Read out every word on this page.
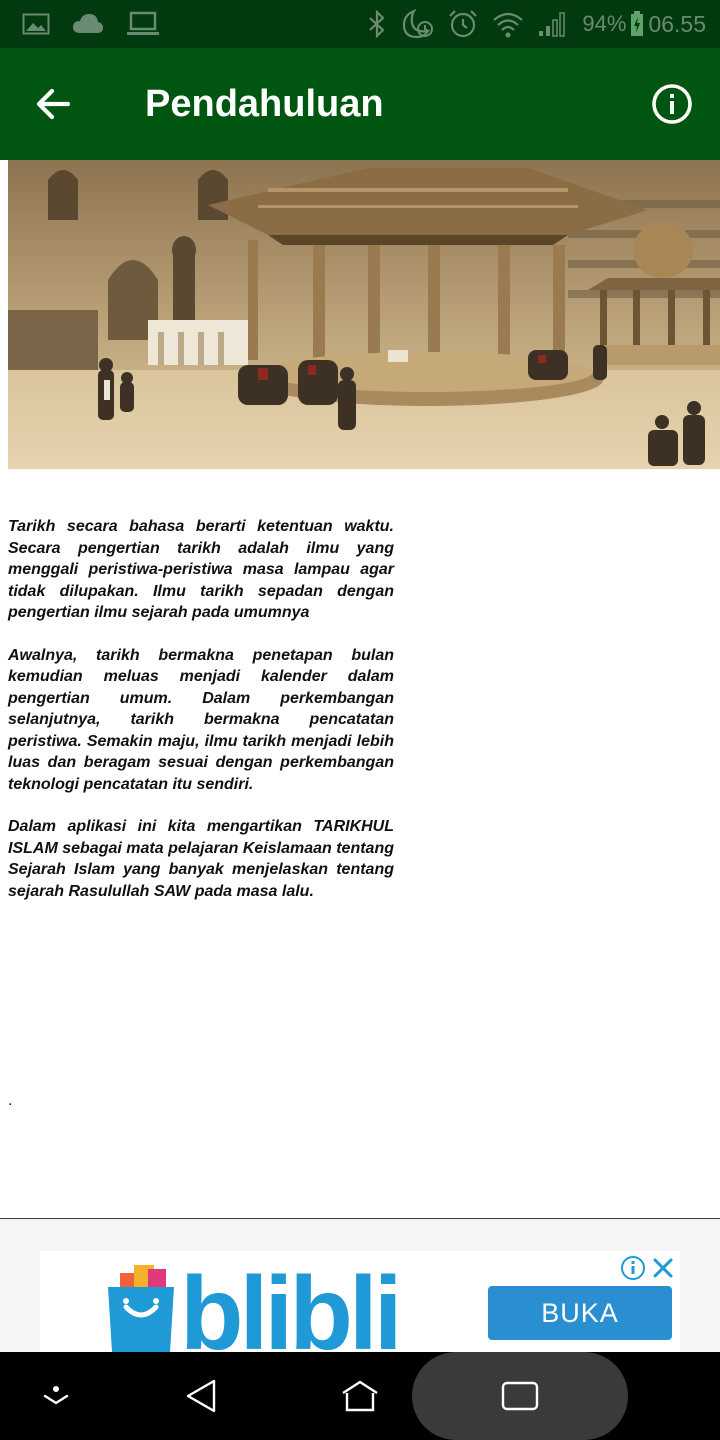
94% 06.55
Pendahuluan

Tarikh secara bahasa berarti ketentuan waktu. Secara pengertian tarikh adalah ilmu yang menggali peristiwa-peristiwa masa lampau agar tidak dilupakan. Ilmu tarikh sepadan dengan pengertian ilmu sejarah pada umumnya

Awalnya, tarikh bermakna penetapan bulan kemudian meluas menjadi kalender dalam pengertian umum. Dalam perkembangan selanjutnya, tarikh bermakna pencatatan peristiwa. Semakin maju, ilmu tarikh menjadi lebih luas dan beragam sesuai dengan perkembangan teknologi pencatatan itu sendiri.

Dalam aplikasi ini kita mengartikan TARIKHUL ISLAM sebagai mata pelajaran Keislamaan tentang Sejarah Islam yang banyak menjelaskan tentang sejarah Rasulullah SAW pada masa lalu.

.
blibli	BUKA
